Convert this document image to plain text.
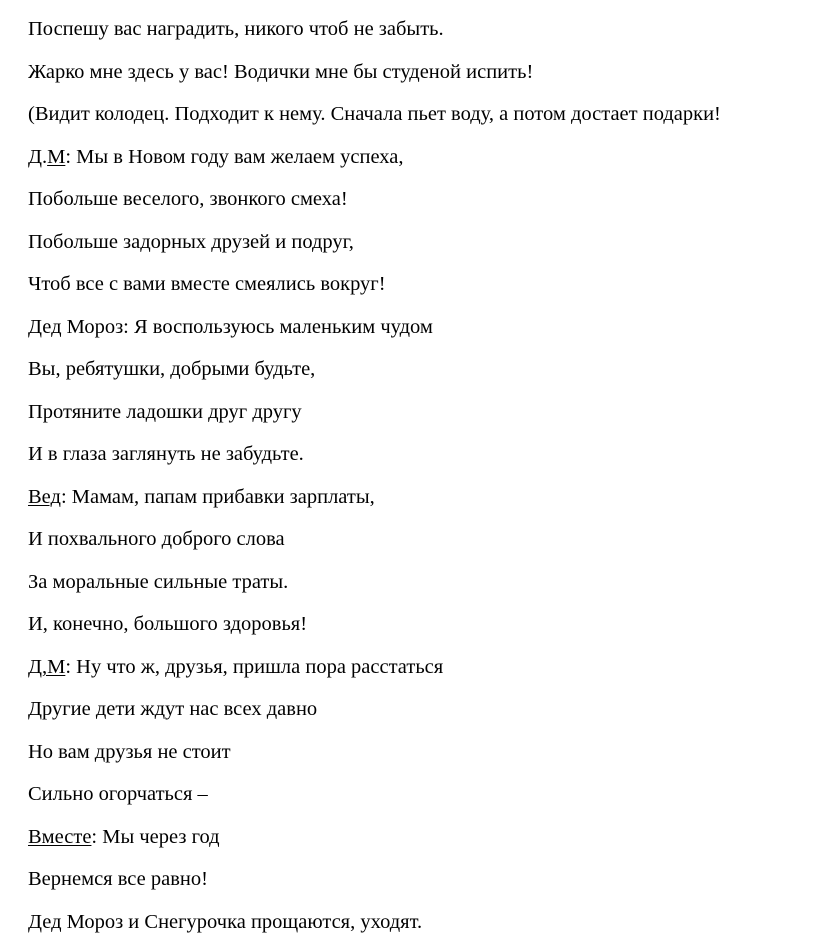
Поспешу вас наградить, никого чтоб не забыть.
Жарко мне здесь у вас! Водички мне бы студеной испить!
(Видит колодец. Подходит к нему. Сначала пьет воду, а потом достает подарки!
Д.М: Мы в Новом году вам желаем успеха,
Побольше веселого, звонкого смеха!
Побольше задорных друзей и подруг,
Чтоб все с вами вместе смеялись вокруг!
Дед Мороз: Я воспользуюсь маленьким чудом
Вы, ребятушки, добрыми будьте,
Протяните ладошки друг другу
И в глаза заглянуть не забудьте.
Вед: Мамам, папам прибавки зарплаты,
И похвального доброго слова
За моральные сильные траты.
И, конечно, большого здоровья!
Д,М: Ну что ж, друзья, пришла пора расстаться
Другие дети ждут нас всех давно
Но вам друзья не стоит
Сильно огорчаться –
Вместе: Мы через год
Вернемся все равно!
Дед Мороз и Снегурочка прощаются, уходят.
